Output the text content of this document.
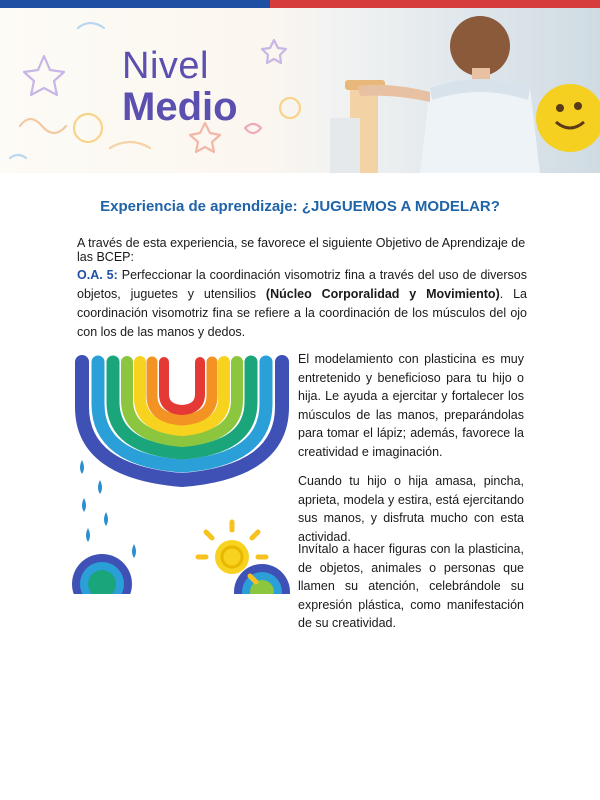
Nivel
Medio
Experiencia de aprendizaje: ¿JUGUEMOS A MODELAR?
A través de esta experiencia, se favorece el siguiente Objetivo de Aprendizaje de las BCEP:
O.A. 5: Perfeccionar la coordinación visomotriz fina a través del uso de diversos objetos, juguetes y utensilios (Núcleo Corporalidad y Movimiento). La coordinación visomotriz fina se refiere a la coordinación de los músculos del ojo con los de las manos y dedos.
El modelamiento con plasticina es muy entretenido y beneficioso para tu hijo o hija. Le ayuda a ejercitar y fortalecer los músculos de las manos, preparándolas para tomar el lápiz; además, favorece la creatividad e imaginación.
Cuando tu hijo o hija amasa, pincha, aprieta, modela y estira, está ejercitando sus manos, y disfruta mucho con esta actividad.
Invítalo a hacer figuras con la plasticina, de objetos, animales o personas que llamen su atención, celebrándole su expresión plástica, como manifestación de su creatividad.
